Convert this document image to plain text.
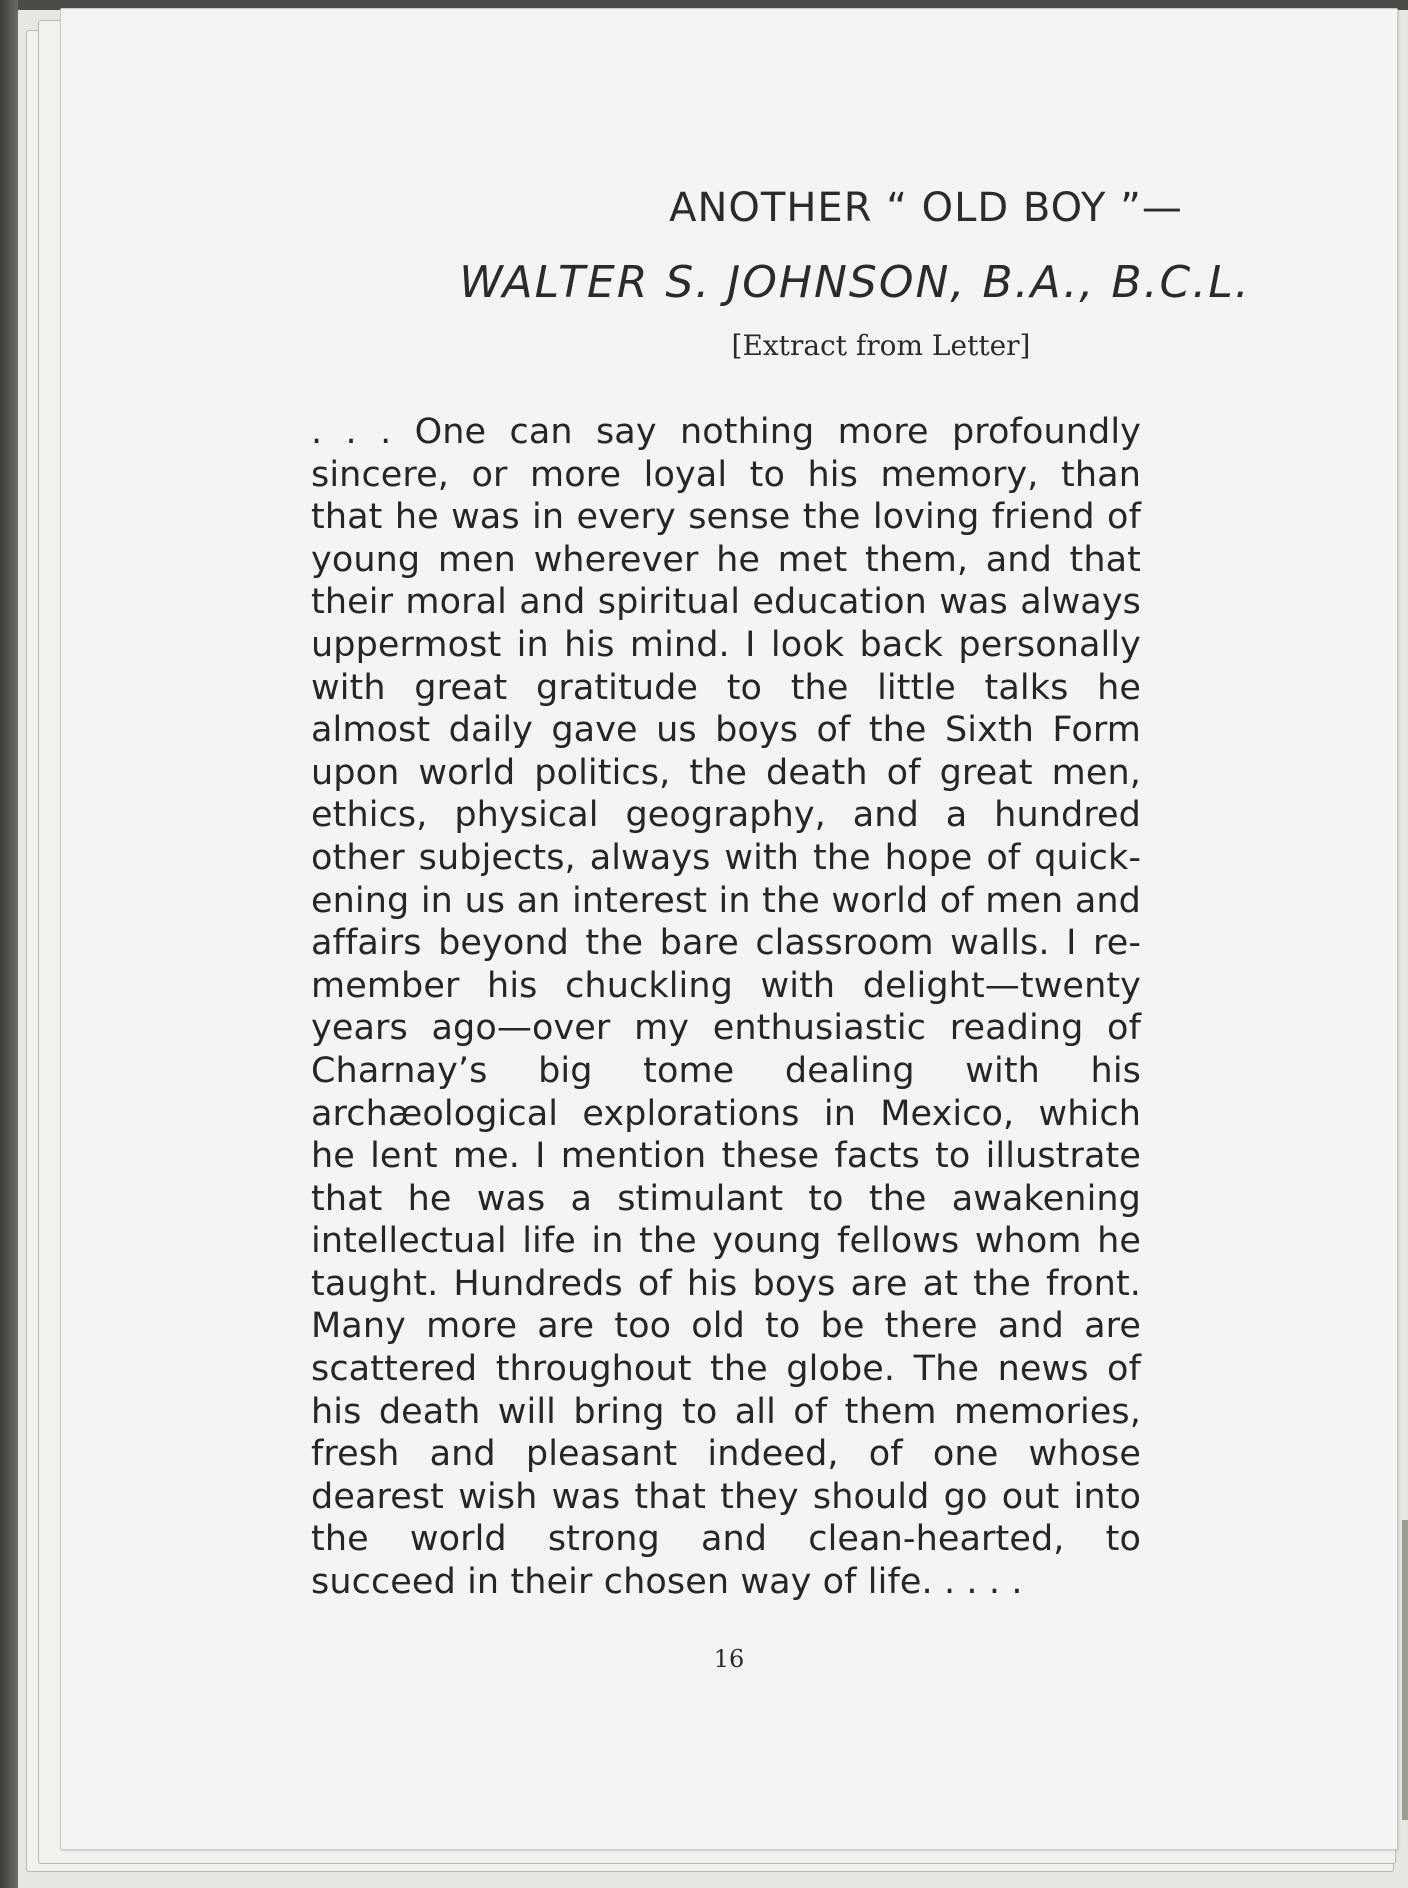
ANOTHER “ OLD BOY ”—
WALTER S. JOHNSON, B.A., B.C.L.
[Extract from Letter]

. . . One can say nothing more profoundly sincere, or more loyal to his memory, than that he was in every sense the loving friend of young men wherever he met them, and that their moral and spiritual education was always uppermost in his mind. I look back personally with great gratitude to the little talks he almost daily gave us boys of the Sixth Form upon world politics, the death of great men, ethics, physical geography, and a hundred other subjects, always with the hope of quickening in us an interest in the world of men and affairs beyond the bare classroom walls. I remember his chuckling with delight—twenty years ago—over my enthusiastic reading of Charnay’s big tome dealing with his archæological explorations in Mexico, which he lent me. I mention these facts to illustrate that he was a stimulant to the awakening intellectual life in the young fellows whom he taught. Hundreds of his boys are at the front. Many more are too old to be there and are scattered throughout the globe. The news of his death will bring to all of them memories, fresh and pleasant indeed, of one whose dearest wish was that they should go out into the world strong and clean-hearted, to succeed in their chosen way of life. . . . .

16
